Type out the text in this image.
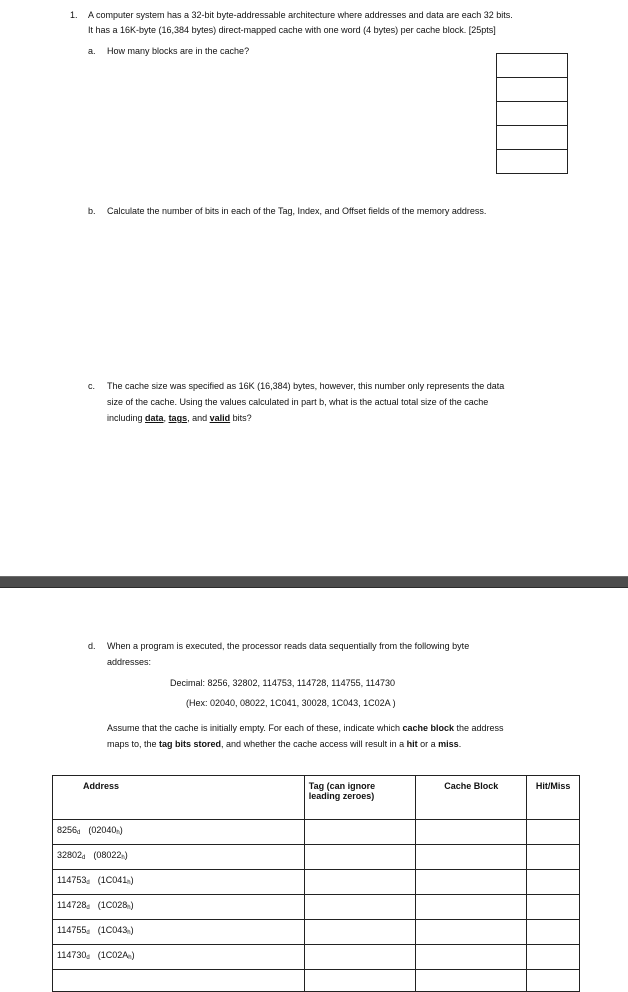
1. A computer system has a 32-bit byte-addressable architecture where addresses and data are each 32 bits.
It has a 16K-byte (16,384 bytes) direct-mapped cache with one word (4 bytes) per cache block. [25pts]
a. How many blocks are in the cache?
b. Calculate the number of bits in each of the Tag, Index, and Offset fields of the memory address.
c. The cache size was specified as 16K (16,384) bytes, however, this number only represents the data
size of the cache. Using the values calculated in part b, what is the actual total size of the cache
including data, tags, and valid bits?
d. When a program is executed, the processor reads data sequentially from the following byte
addresses:
Decimal: 8256, 32802, 114753, 114728, 114755, 114730
(Hex: 02040, 08022, 1C041, 30028, 1C043, 1C02A )
Assume that the cache is initially empty. For each of these, indicate which cache block the address
maps to, the tag bits stored, and whether the cache access will result in a hit or a miss.
Address	Tag (can ignore
leading zeroes)	Cache Block	Hit/Miss
$8256_d$ $(02040_h)$			
$32802_d$ $(08022_h)$			
$114753_d$ $(1C041_h)$			
$114728_d$ $(1C028_h)$			
$114755_d$ $(1C043_h)$			
$114730_d$ $(1C02A_h)$			
